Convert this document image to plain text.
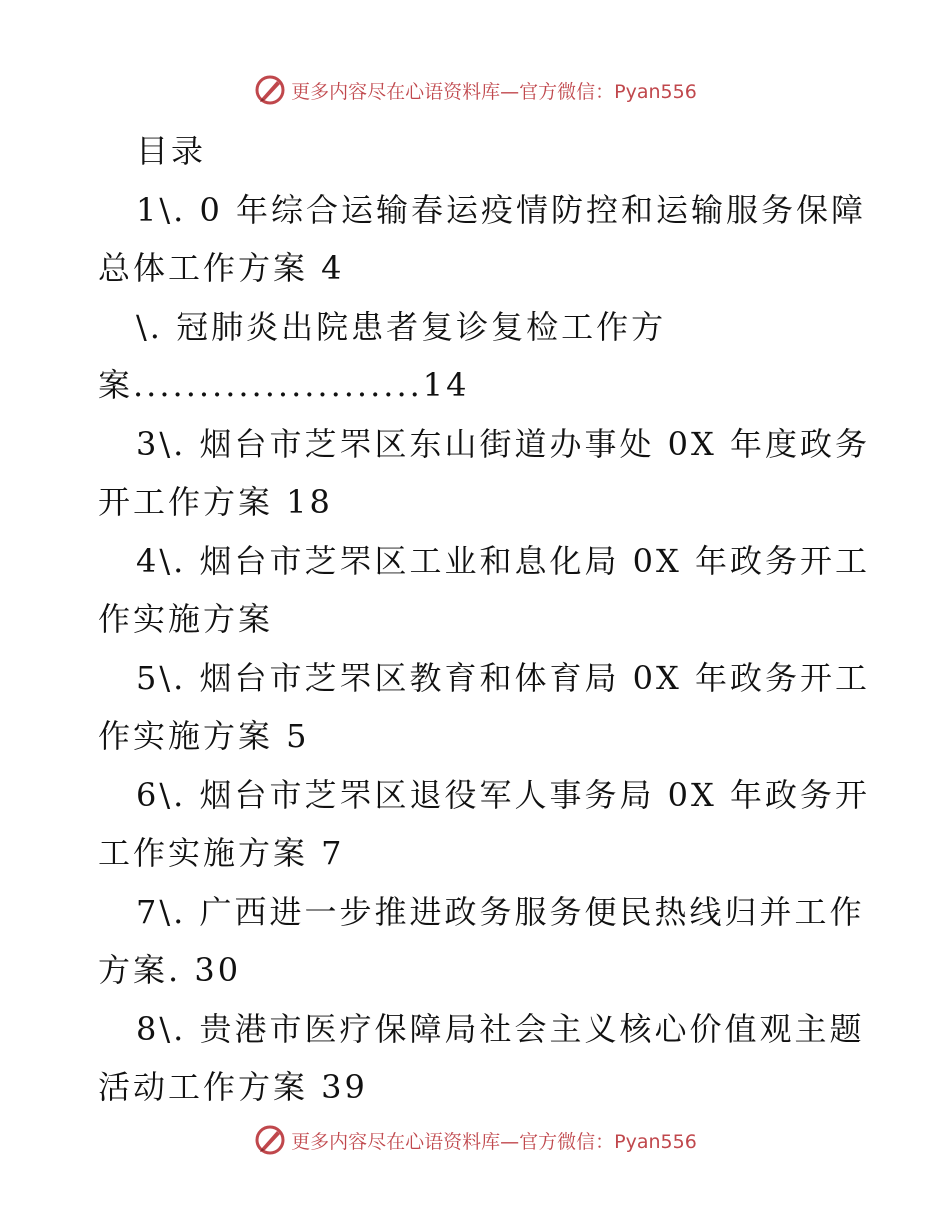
更多内容尽在心语资料库—官方微信：Pyan556
目录
1\. 0 年综合运输春运疫情防控和运输服务保障
总体工作方案 4
\. 冠肺炎出院患者复诊复检工作方
案......................14
3\. 烟台市芝罘区东山街道办事处 0X 年度政务
开工作方案 18
4\. 烟台市芝罘区工业和息化局 0X 年政务开工
作实施方案
5\. 烟台市芝罘区教育和体育局 0X 年政务开工
作实施方案 5
6\. 烟台市芝罘区退役军人事务局 0X 年政务开
工作实施方案 7
7\. 广西进一步推进政务服务便民热线归并工作
方案. 30
8\. 贵港市医疗保障局社会主义核心价值观主题
活动工作方案 39
更多内容尽在心语资料库—官方微信：Pyan556
